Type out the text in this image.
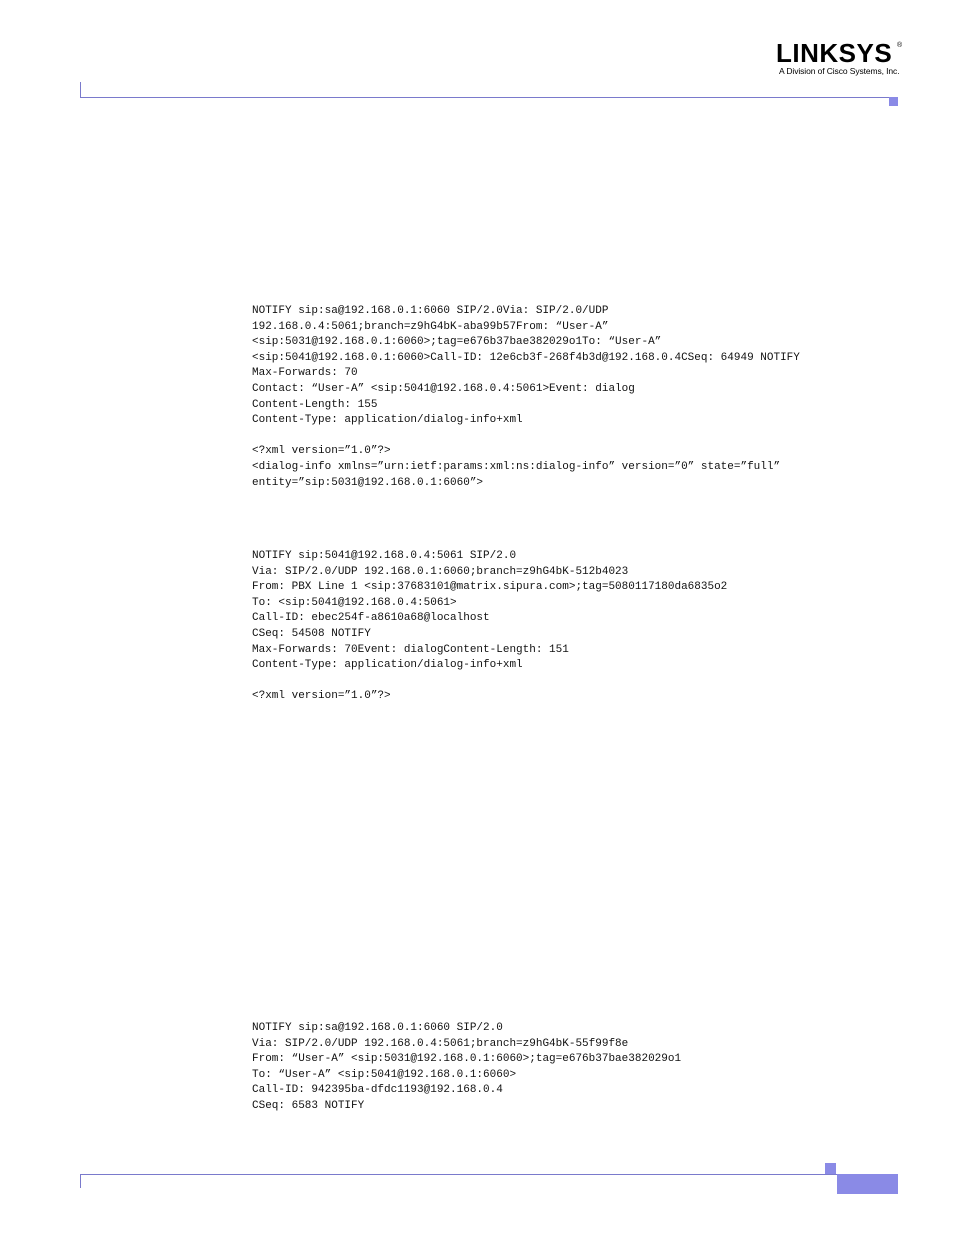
LINKSYS ®
A Division of Cisco Systems, Inc.
NOTIFY sip:sa@192.168.0.1:6060 SIP/2.0Via: SIP/2.0/UDP
192.168.0.4:5061;branch=z9hG4bK-aba99b57From: “User-A”
<sip:5031@192.168.0.1:6060>;tag=e676b37bae382029o1To: “User-A”
<sip:5041@192.168.0.1:6060>Call-ID: 12e6cb3f-268f4b3d@192.168.0.4CSeq: 64949 NOTIFY
Max-Forwards: 70
Contact: “User-A” <sip:5041@192.168.0.4:5061>Event: dialog
Content-Length: 155
Content-Type: application/dialog-info+xml
<?xml version=”1.0”?>
<dialog-info xmlns=”urn:ietf:params:xml:ns:dialog-info” version=”0” state=”full”
entity=”sip:5031@192.168.0.1:6060”>
NOTIFY sip:5041@192.168.0.4:5061 SIP/2.0
Via: SIP/2.0/UDP 192.168.0.1:6060;branch=z9hG4bK-512b4023
From: PBX Line 1 <sip:37683101@matrix.sipura.com>;tag=5080117180da6835o2
To: <sip:5041@192.168.0.4:5061>
Call-ID: ebec254f-a8610a68@localhost
CSeq: 54508 NOTIFY
Max-Forwards: 70Event: dialogContent-Length: 151
Content-Type: application/dialog-info+xml
<?xml version=”1.0”?>
NOTIFY sip:sa@192.168.0.1:6060 SIP/2.0
Via: SIP/2.0/UDP 192.168.0.4:5061;branch=z9hG4bK-55f99f8e
From: “User-A” <sip:5031@192.168.0.1:6060>;tag=e676b37bae382029o1
To: “User-A” <sip:5041@192.168.0.1:6060>
Call-ID: 942395ba-dfdc1193@192.168.0.4
CSeq: 6583 NOTIFY
